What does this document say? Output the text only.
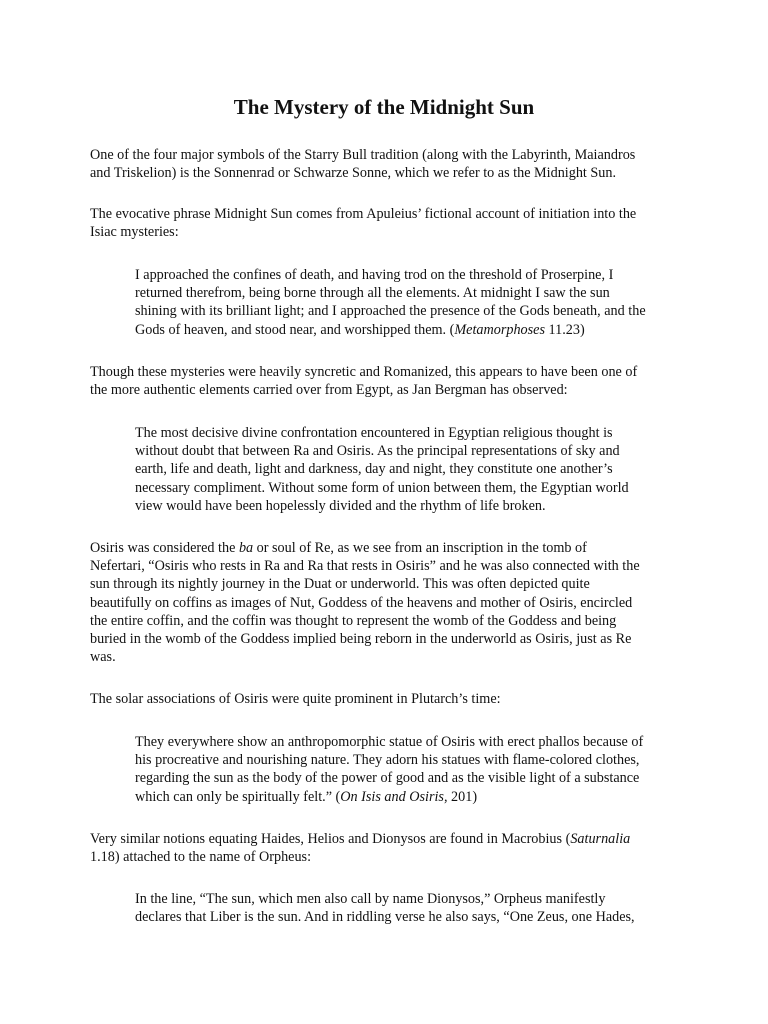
The Mystery of the Midnight Sun

One of the four major symbols of the Starry Bull tradition (along with the Labyrinth, Maiandros
and Triskelion) is the Sonnenrad or Schwarze Sonne, which we refer to as the Midnight Sun.

The evocative phrase Midnight Sun comes from Apuleius’ fictional account of initiation into the
Isiac mysteries:

I approached the confines of death, and having trod on the threshold of Proserpine, I
returned therefrom, being borne through all the elements. At midnight I saw the sun
shining with its brilliant light; and I approached the presence of the Gods beneath, and the
Gods of heaven, and stood near, and worshipped them. (Metamorphoses 11.23)

Though these mysteries were heavily syncretic and Romanized, this appears to have been one of
the more authentic elements carried over from Egypt, as Jan Bergman has observed:

The most decisive divine confrontation encountered in Egyptian religious thought is
without doubt that between Ra and Osiris. As the principal representations of sky and
earth, life and death, light and darkness, day and night, they constitute one another’s
necessary compliment. Without some form of union between them, the Egyptian world
view would have been hopelessly divided and the rhythm of life broken.

Osiris was considered the ba or soul of Re, as we see from an inscription in the tomb of
Nefertari, “Osiris who rests in Ra and Ra that rests in Osiris” and he was also connected with the
sun through its nightly journey in the Duat or underworld. This was often depicted quite
beautifully on coffins as images of Nut, Goddess of the heavens and mother of Osiris, encircled
the entire coffin, and the coffin was thought to represent the womb of the Goddess and being
buried in the womb of the Goddess implied being reborn in the underworld as Osiris, just as Re
was.

The solar associations of Osiris were quite prominent in Plutarch’s time:

They everywhere show an anthropomorphic statue of Osiris with erect phallos because of
his procreative and nourishing nature. They adorn his statues with flame-colored clothes,
regarding the sun as the body of the power of good and as the visible light of a substance
which can only be spiritually felt.” (On Isis and Osiris, 201)

Very similar notions equating Haides, Helios and Dionysos are found in Macrobius (Saturnalia
1.18) attached to the name of Orpheus:

In the line, “The sun, which men also call by name Dionysos,” Orpheus manifestly
declares that Liber is the sun. And in riddling verse he also says, “One Zeus, one Hades,
